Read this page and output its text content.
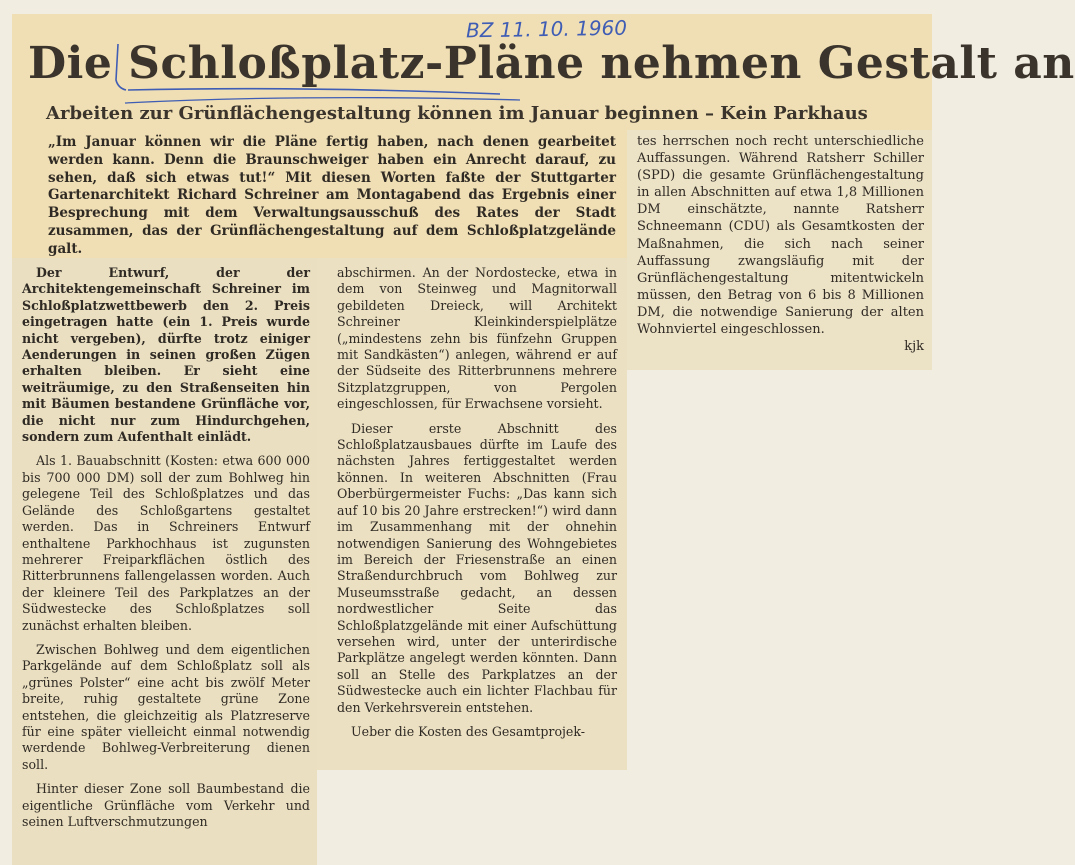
BZ 11. 10. 1960
Die Schloßplatz-Pläne nehmen Gestalt an
Arbeiten zur Grünflächengestaltung können im Januar beginnen – Kein Parkhaus
„Im Januar können wir die Pläne fertig haben, nach denen gearbeitet werden kann. Denn die Braunschweiger haben ein Anrecht darauf, zu sehen, daß sich etwas tut!“ Mit diesen Worten faßte der Stuttgarter Gartenarchitekt Richard Schreiner am Montagabend das Ergebnis einer Besprechung mit dem Verwaltungsausschuß des Rates der Stadt zusammen, das der Grünflächengestaltung auf dem Schloßplatzgelände galt.

Der Entwurf, der der Architektengemeinschaft Schreiner im Schloßplatzwettbewerb den 2. Preis eingetragen hatte (ein 1. Preis wurde nicht vergeben), dürfte trotz einiger Aenderungen in seinen großen Zügen erhalten bleiben. Er sieht eine weiträumige, zu den Straßenseiten hin mit Bäumen bestandene Grünfläche vor, die nicht nur zum Hindurchgehen, sondern zum Aufenthalt einlädt.

Als 1. Bauabschnitt (Kosten: etwa 600 000 bis 700 000 DM) soll der zum Bohlweg hin gelegene Teil des Schloßplatzes und das Gelände des Schloßgartens gestaltet werden. Das in Schreiners Entwurf enthaltene Parkhochhaus ist zugunsten mehrerer Freiparkflächen östlich des Ritterbrunnens fallengelassen worden. Auch der kleinere Teil des Parkplatzes an der Südwestecke des Schloßplatzes soll zunächst erhalten bleiben.

Zwischen Bohlweg und dem eigentlichen Parkgelände auf dem Schloßplatz soll als „grünes Polster“ eine acht bis zwölf Meter breite, ruhig gestaltete grüne Zone entstehen, die gleichzeitig als Platzreserve für eine später vielleicht einmal notwendig werdende Bohlweg-Verbreiterung dienen soll.

Hinter dieser Zone soll Baumbestand die eigentliche Grünfläche vom Verkehr und seinen Luftverschmutzungen

abschirmen. An der Nordostecke, etwa in dem von Steinweg und Magnitorwall gebildeten Dreieck, will Architekt Schreiner Kleinkinderspielplätze („mindestens zehn bis fünfzehn Gruppen mit Sandkästen“) anlegen, während er auf der Südseite des Ritterbrunnens mehrere Sitzplatzgruppen, von Pergolen eingeschlossen, für Erwachsene vorsieht.

Dieser erste Abschnitt des Schloßplatzausbaues dürfte im Laufe des nächsten Jahres fertiggestaltet werden können. In weiteren Abschnitten (Frau Oberbürgermeister Fuchs: „Das kann sich auf 10 bis 20 Jahre erstrecken!“) wird dann im Zusammenhang mit der ohnehin notwendigen Sanierung des Wohngebietes im Bereich der Friesenstraße an einen Straßendurchbruch vom Bohlweg zur Museumsstraße gedacht, an dessen nordwestlicher Seite das Schloßplatzgelände mit einer Aufschüttung versehen wird, unter der unterirdische Parkplätze angelegt werden könnten. Dann soll an Stelle des Parkplatzes an der Südwestecke auch ein lichter Flachbau für den Verkehrsverein entstehen.

Ueber die Kosten des Gesamtprojek-

tes herrschen noch recht unterschiedliche Auffassungen. Während Ratsherr Schiller (SPD) die gesamte Grünflächengestaltung in allen Abschnitten auf etwa 1,8 Millionen DM einschätzte, nannte Ratsherr Schneemann (CDU) als Gesamtkosten der Maßnahmen, die sich nach seiner Auffassung zwangsläufig mit der Grünflächengestaltung mitentwickeln müssen, den Betrag von 6 bis 8 Millionen DM, die notwendige Sanierung der alten Wohnviertel eingeschlossen.

kjk
